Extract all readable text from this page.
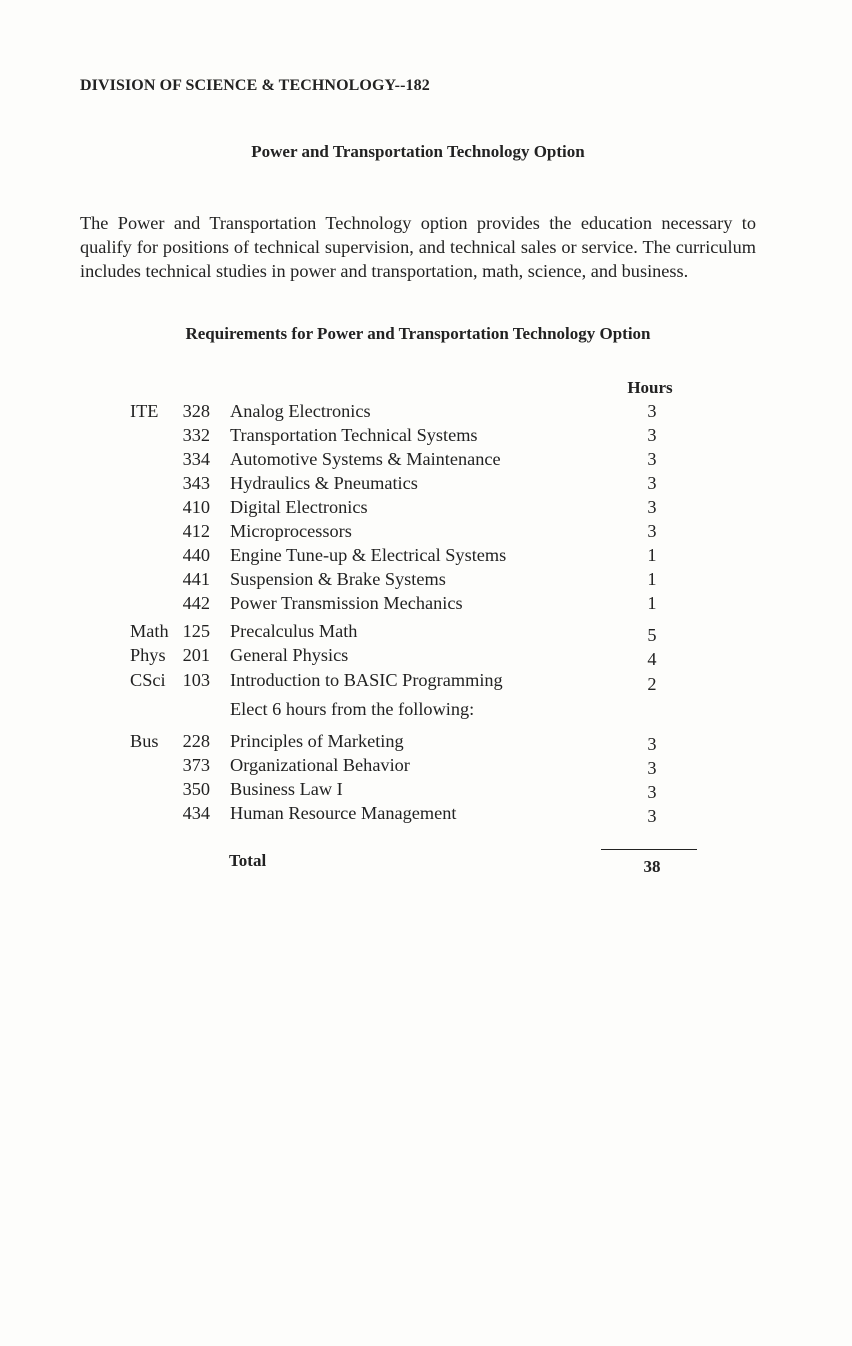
DIVISION OF SCIENCE & TECHNOLOGY--182
Power and Transportation Technology Option

The Power and Transportation Technology option provides the education necessary to qualify for positions of technical supervision, and technical sales or service. The curriculum includes technical studies in power and transportation, math, science, and business.

Requirements for Power and Transportation Technology Option
Hours
ITE 328 Analog Electronics	3
332 Transportation Technical Systems	3
334 Automotive Systems & Maintenance	3
343 Hydraulics & Pneumatics	3
410 Digital Electronics	3
412 Microprocessors	3
440 Engine Tune-up & Electrical Systems	1
441 Suspension & Brake Systems	1
442 Power Transmission Mechanics	1
Math 125 Precalculus Math	5
Phys 201 General Physics	4
CSci 103 Introduction to BASIC Programming	2
Elect 6 hours from the following:
Bus 228 Principles of Marketing	3
373 Organizational Behavior	3
350 Business Law I	3
434 Human Resource Management	3
Total	38
